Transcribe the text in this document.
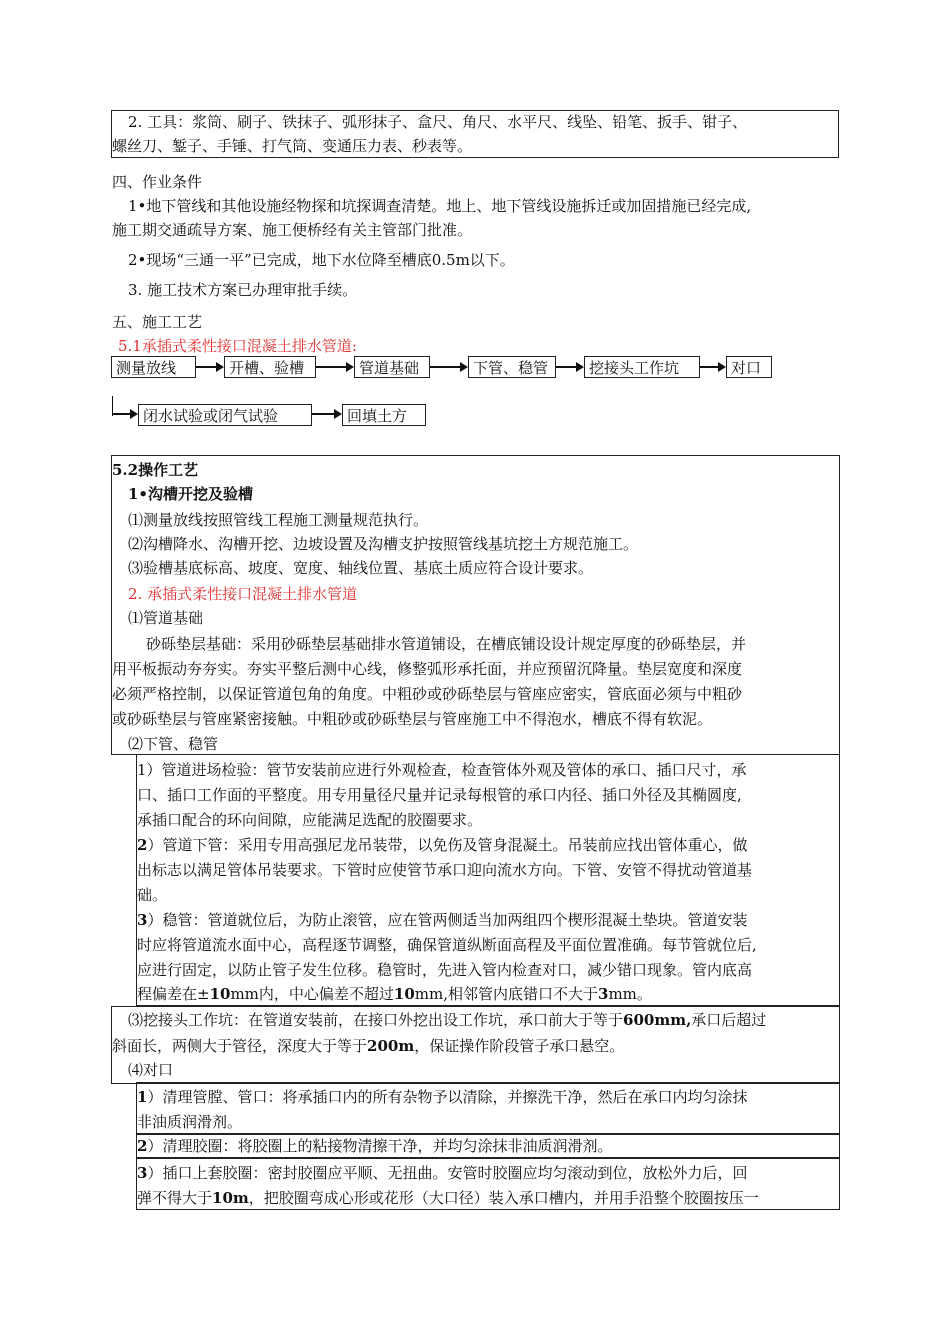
2. 工具：浆筒、刷子、铁抹子、弧形抹子、盒尺、角尺、水平尺、线坠、铅笔、扳手、钳子、
螺丝刀、錾子、手锤、打气筒、变通压力表、秒表等。
四、作业条件
1•地下管线和其他设施经物探和坑探调查清楚。地上、地下管线设施拆迁或加固措施已经完成,
施工期交通疏导方案、施工便桥经有关主管部门批准。
2•现场“三通一平”已完成，地下水位降至槽底0.5m以下。
3. 施工技术方案已办理审批手续。
五、施工工艺
5.1承插式柔性接口混凝土排水管道:
测量放线	开槽、验槽	管道基础	下管、稳管	挖接头工作坑	对口
闭水试验或闭气试验	回填土方
5.2操作工艺
1•沟槽开挖及验槽
⑴测量放线按照管线工程施工测量规范执行。
⑵沟槽降水、沟槽开挖、边坡设置及沟槽支护按照管线基坑挖土方规范施工。
⑶验槽基底标高、坡度、宽度、轴线位置、基底土质应符合设计要求。
2. 承插式柔性接口混凝土排水管道
⑴管道基础
砂砾垫层基础：采用砂砾垫层基础排水管道铺设，在槽底铺设设计规定厚度的砂砾垫层，并
用平板振动夯夯实。夯实平整后测中心线，修整弧形承托面，并应预留沉降量。垫层宽度和深度
必须严格控制，以保证管道包角的角度。中粗砂或砂砾垫层与管座应密实，管底面必须与中粗砂
或砂砾垫层与管座紧密接触。中粗砂或砂砾垫层与管座施工中不得泡水，槽底不得有软泥。
⑵下管、稳管
1）管道进场检验：管节安装前应进行外观检查，检查管体外观及管体的承口、插口尺寸，承
口、插口工作面的平整度。用专用量径尺量并记录每根管的承口内径、插口外径及其椭圆度,
承插口配合的环向间隙，应能满足选配的胶圈要求。
2）管道下管：采用专用高强尼龙吊装带，以免伤及管身混凝土。吊装前应找出管体重心，做
出标志以满足管体吊装要求。下管时应使管节承口迎向流水方向。下管、安管不得扰动管道基
础。
3）稳管：管道就位后，为防止滚管，应在管两侧适当加两组四个楔形混凝土垫块。管道安装
时应将管道流水面中心，高程逐节调整，确保管道纵断面高程及平面位置准确。每节管就位后,
应进行固定，以防止管子发生位移。稳管时，先进入管内检查对口，减少错口现象。管内底高
程偏差在±10mm内，中心偏差不超过10mm,相邻管内底错口不大于3mm。
⑶挖接头工作坑：在管道安装前，在接口外挖出设工作坑，承口前大于等于600mm,承口后超过
斜面长，两侧大于管径，深度大于等于200m，保证操作阶段管子承口悬空。
⑷对口
1）清理管膛、管口：将承插口内的所有杂物予以清除，并擦洗干净，然后在承口内均匀涂抹
非油质润滑剂。
2）清理胶圈：将胶圈上的粘接物清擦干净，并均匀涂抹非油质润滑剂。
3）插口上套胶圈：密封胶圈应平顺、无扭曲。安管时胶圈应均匀滚动到位，放松外力后，回
弹不得大于10m，把胶圈弯成心形或花形（大口径）装入承口槽内，并用手沿整个胶圈按压一
